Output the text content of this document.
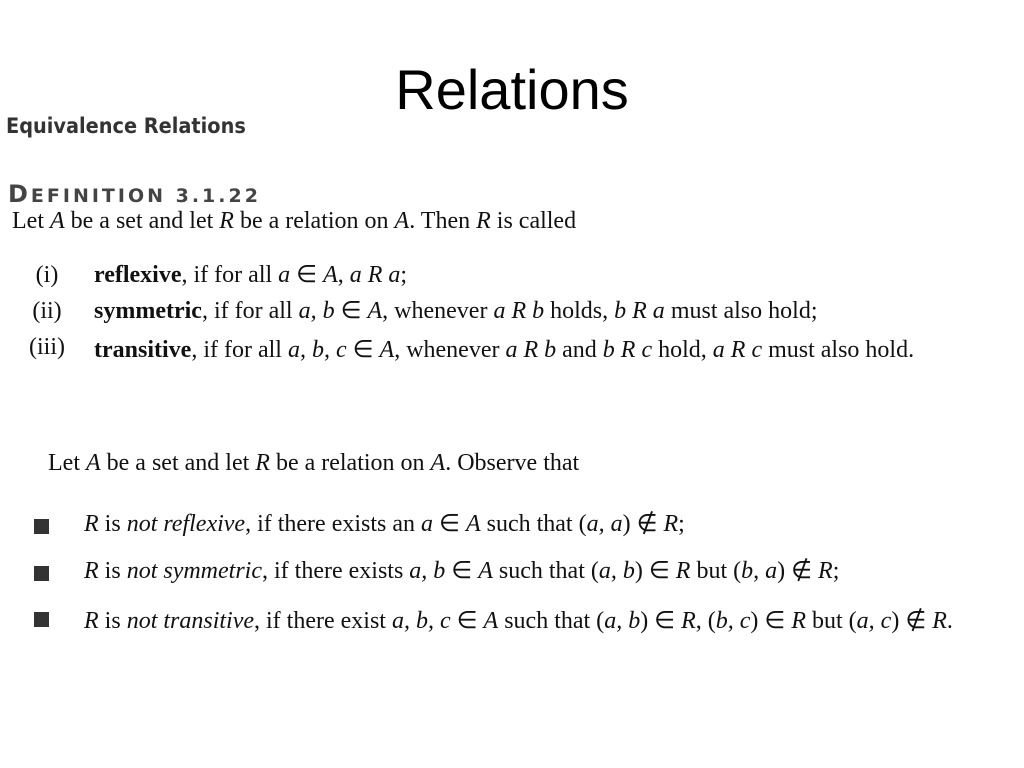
Relations
Equivalence Relations
DEFINITION 3.1.22
Let A be a set and let R be a relation on A. Then R is called
(i)	reflexive, if for all a ∈ A, a R a;
(ii)	symmetric, if for all a, b ∈ A, whenever a R b holds, b R a must also hold;
(iii)	transitive, if for all a, b, c ∈ A, whenever a R b and b R c hold, a R c must also hold.
Let A be a set and let R be a relation on A. Observe that
R is not reflexive, if there exists an a ∈ A such that (a, a) ∉ R;
R is not symmetric, if there exists a, b ∈ A such that (a, b) ∈ R but (b, a) ∉ R;
R is not transitive, if there exist a, b, c ∈ A such that (a, b) ∈ R, (b, c) ∈ R but (a, c) ∉ R.
